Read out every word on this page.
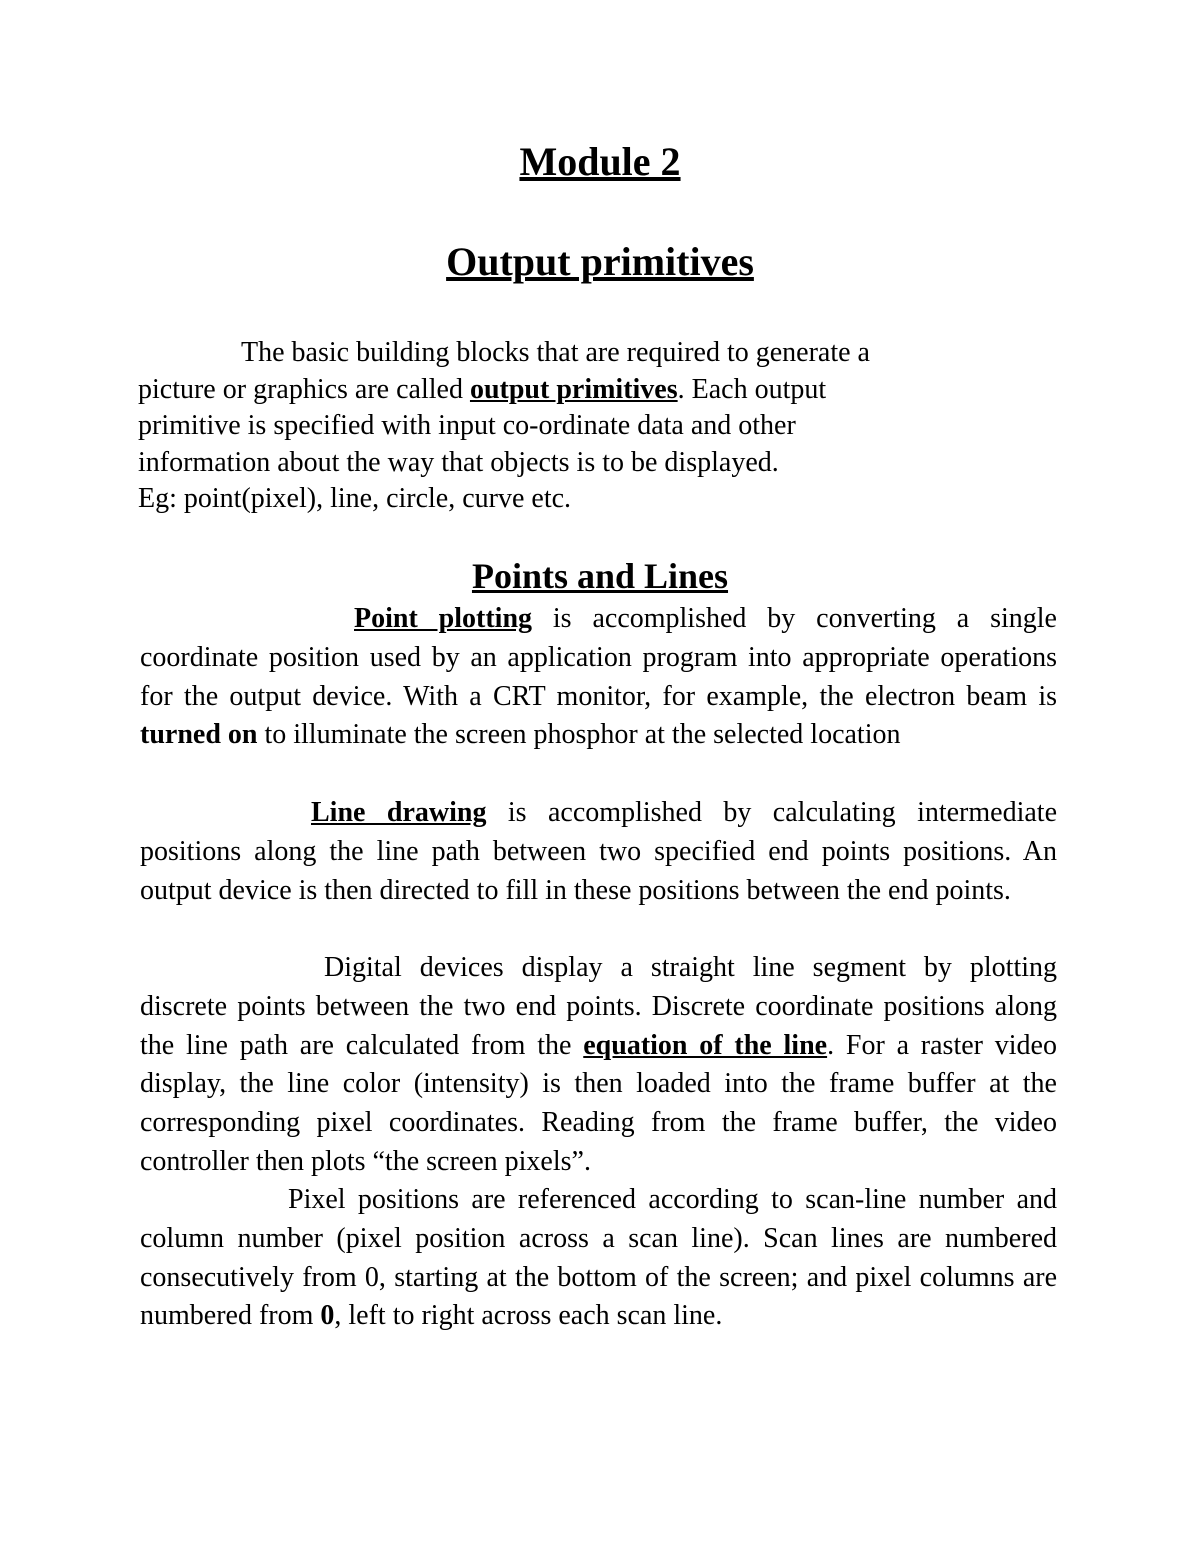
Module 2
Output primitives
The basic building blocks that are required to generate a
picture or graphics are called output primitives. Each output
primitive is specified with input co-ordinate data and other
information about the way that objects is to be displayed.
Eg: point(pixel), line, circle, curve etc.
Points and Lines

Point plotting is accomplished by converting a single coordinate position used by an application program into appropriate operations for the output device. With a CRT monitor, for example, the electron beam is turned on to illuminate the screen phosphor at the selected location

Line drawing is accomplished by calculating intermediate positions along the line path between two specified end points positions. An output device is then directed to fill in these positions between the end points.

Digital devices display a straight line segment by plotting discrete points between the two end points. Discrete coordinate positions along the line path are calculated from the equation of the line. For a raster video display, the line color (intensity) is then loaded into the frame buffer at the corresponding pixel coordinates. Reading from the frame buffer, the video controller then plots “the screen pixels”.

Pixel positions are referenced according to scan-line number and column number (pixel position across a scan line). Scan lines are numbered consecutively from 0, starting at the bottom of the screen; and pixel columns are numbered from 0, left to right across each scan line.
